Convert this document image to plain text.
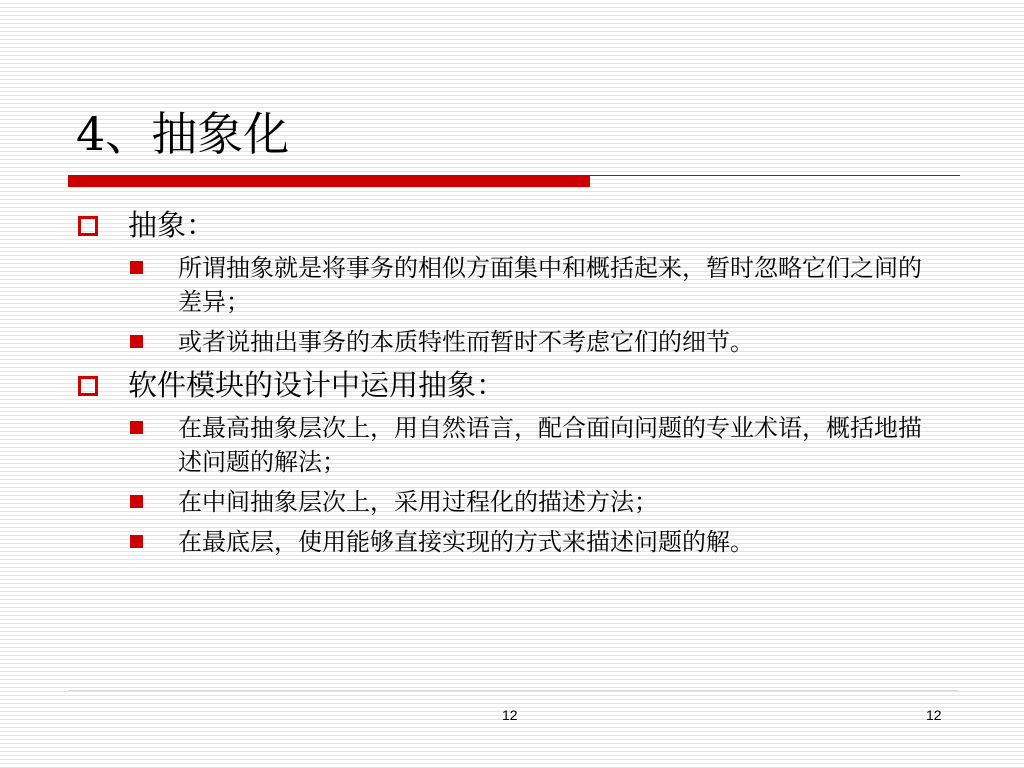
4、抽象化
抽象：
所谓抽象就是将事务的相似方面集中和概括起来，暂时忽略它们之间的差异；
或者说抽出事务的本质特性而暂时不考虑它们的细节。
软件模块的设计中运用抽象：
在最高抽象层次上，用自然语言，配合面向问题的专业术语，概括地描述问题的解法；
在中间抽象层次上，采用过程化的描述方法；
在最底层，使用能够直接实现的方式来描述问题的解。
12	12
